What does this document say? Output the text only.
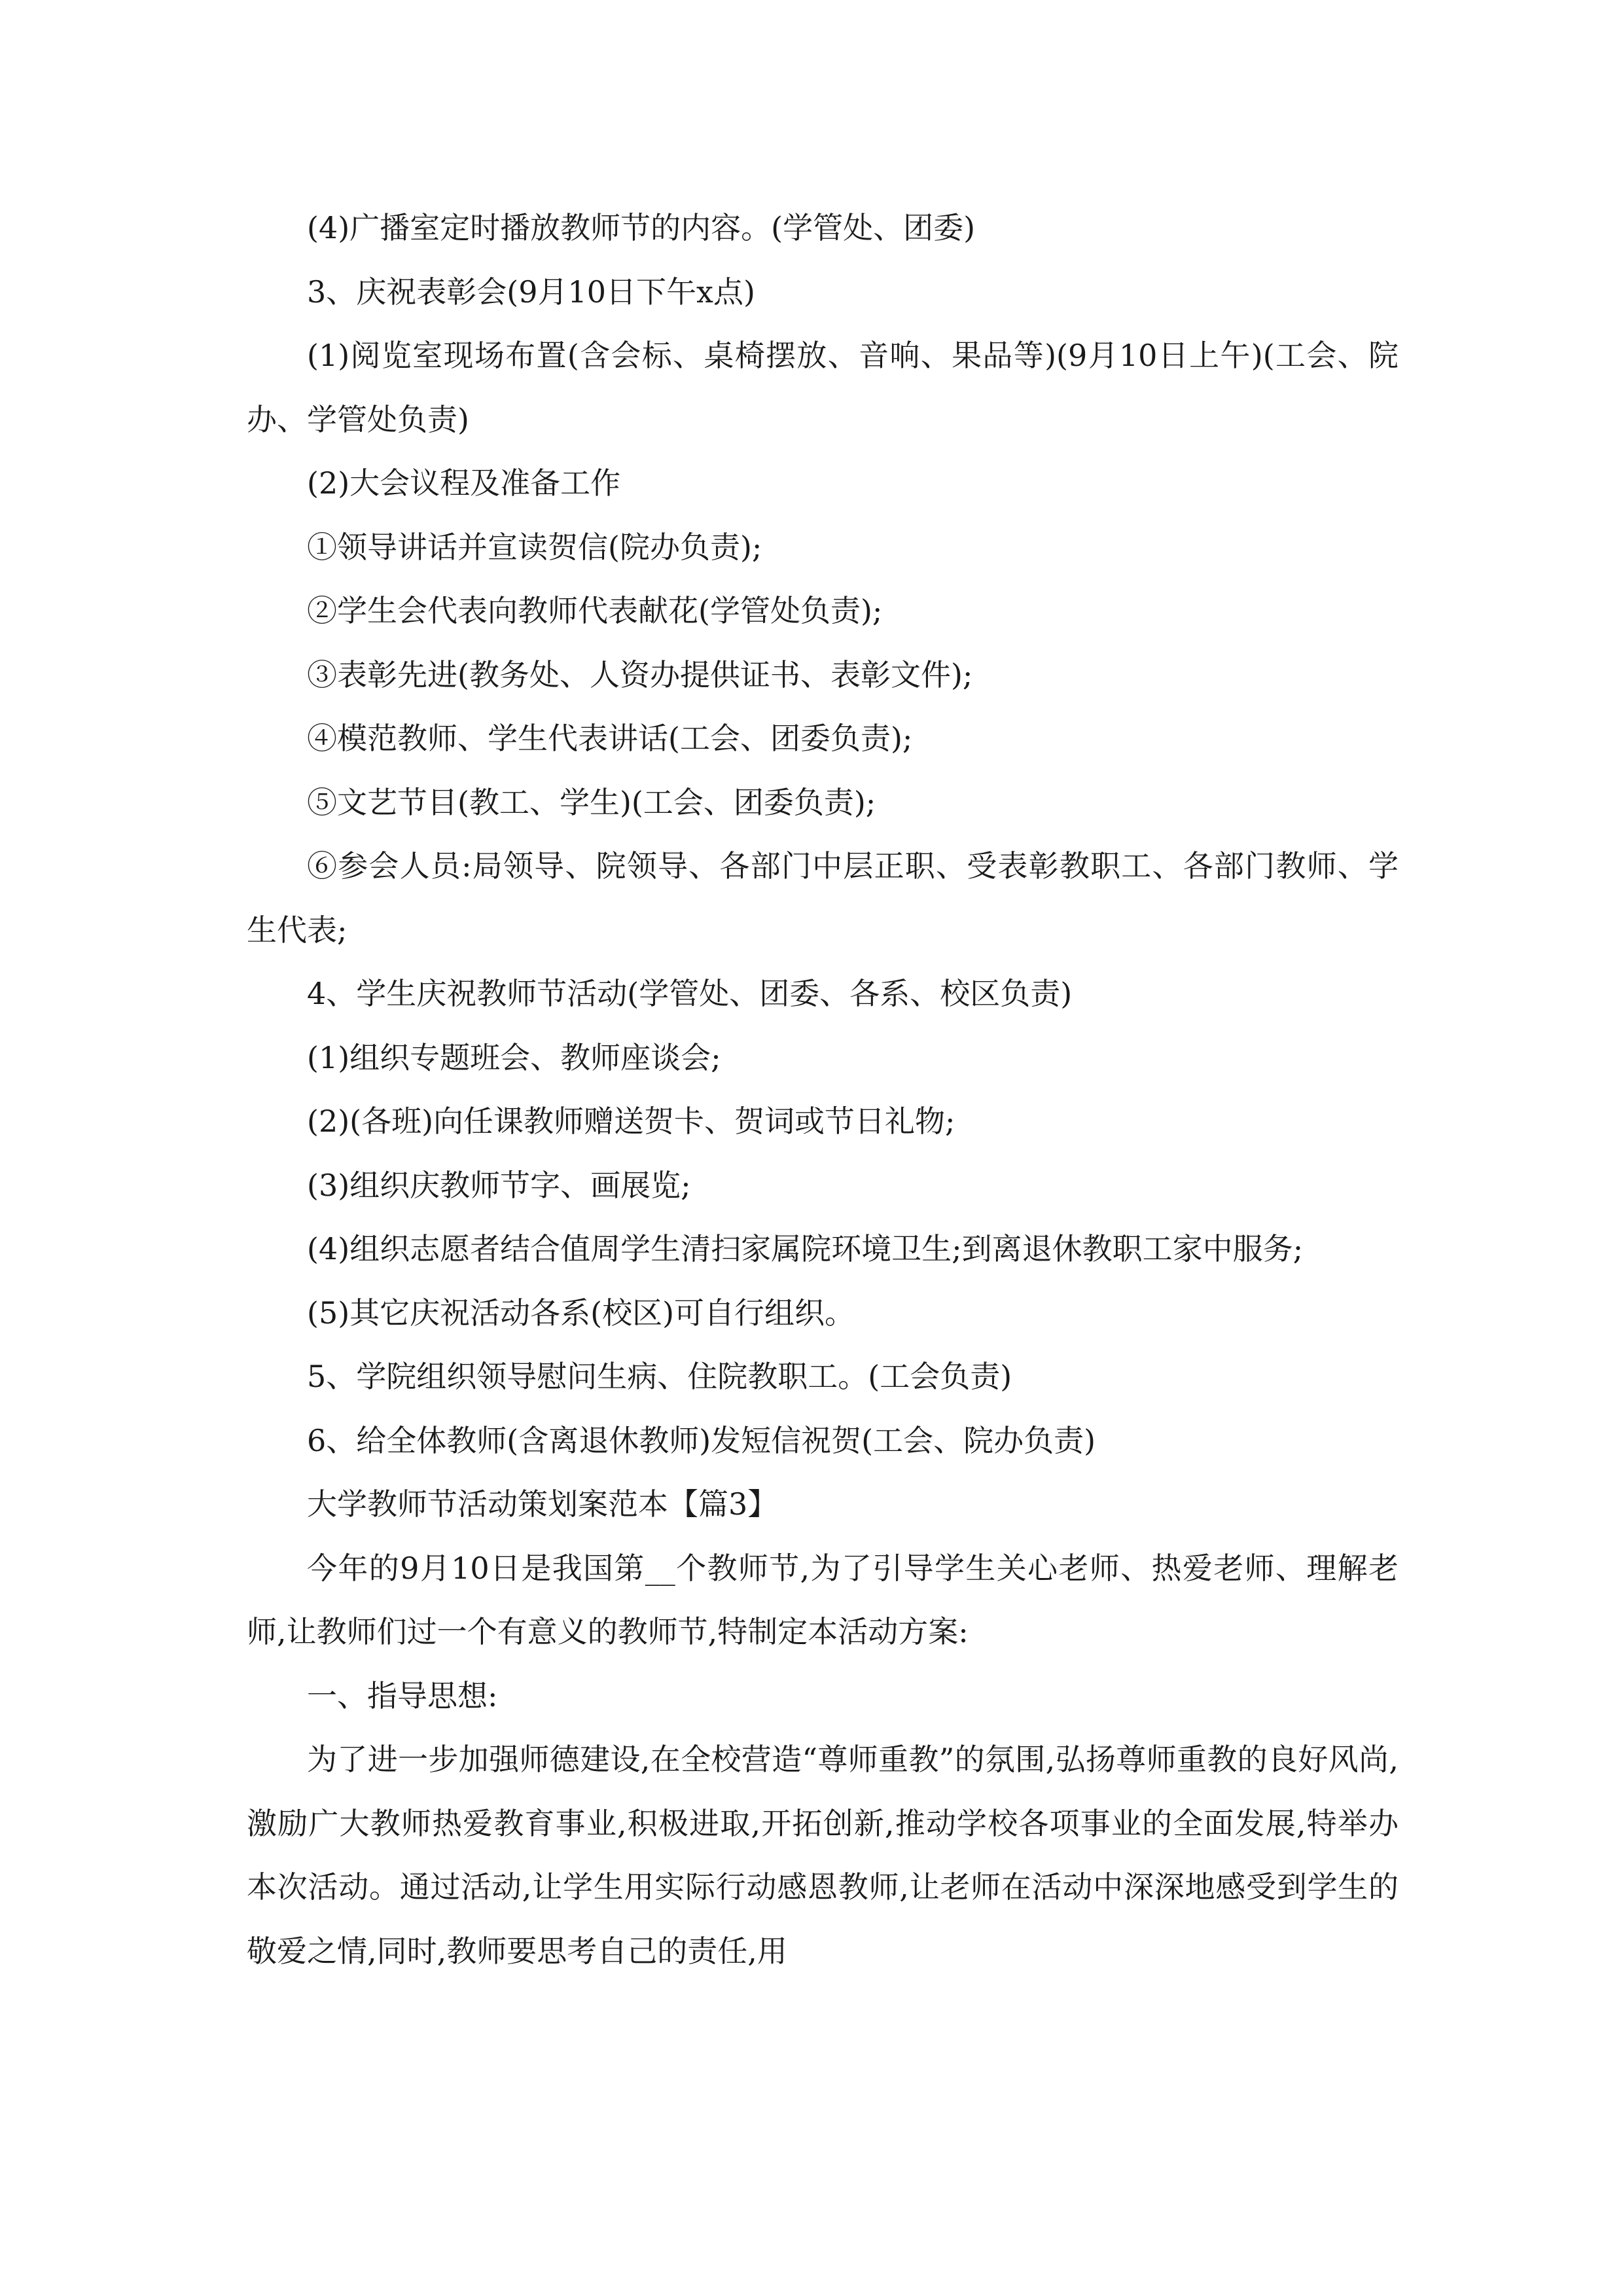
(4)广播室定时播放教师节的内容。(学管处、团委)

3、庆祝表彰会(9月10日下午x点)

(1)阅览室现场布置(含会标、桌椅摆放、音响、果品等)(9月10日上午)(工会、院办、学管处负责)

(2)大会议程及准备工作

①领导讲话并宣读贺信(院办负责);

②学生会代表向教师代表献花(学管处负责);

③表彰先进(教务处、人资办提供证书、表彰文件);

④模范教师、学生代表讲话(工会、团委负责);

⑤文艺节目(教工、学生)(工会、团委负责);

⑥参会人员:局领导、院领导、各部门中层正职、受表彰教职工、各部门教师、学生代表;

4、学生庆祝教师节活动(学管处、团委、各系、校区负责)

(1)组织专题班会、教师座谈会;

(2)(各班)向任课教师赠送贺卡、贺词或节日礼物;

(3)组织庆教师节字、画展览;

(4)组织志愿者结合值周学生清扫家属院环境卫生;到离退休教职工家中服务;

(5)其它庆祝活动各系(校区)可自行组织。

5、学院组织领导慰问生病、住院教职工。(工会负责)

6、给全体教师(含离退休教师)发短信祝贺(工会、院办负责)

大学教师节活动策划案范本【篇3】

今年的9月10日是我国第__个教师节,为了引导学生关心老师、热爱老师、理解老师,让教师们过一个有意义的教师节,特制定本活动方案:

一、指导思想:

为了进一步加强师德建设,在全校营造“尊师重教”的氛围,弘扬尊师重教的良好风尚,激励广大教师热爱教育事业,积极进取,开拓创新,推动学校各项事业的全面发展,特举办本次活动。通过活动,让学生用实际行动感恩教师,让老师在活动中深深地感受到学生的敬爱之情,同时,教师要思考自己的责任,用
